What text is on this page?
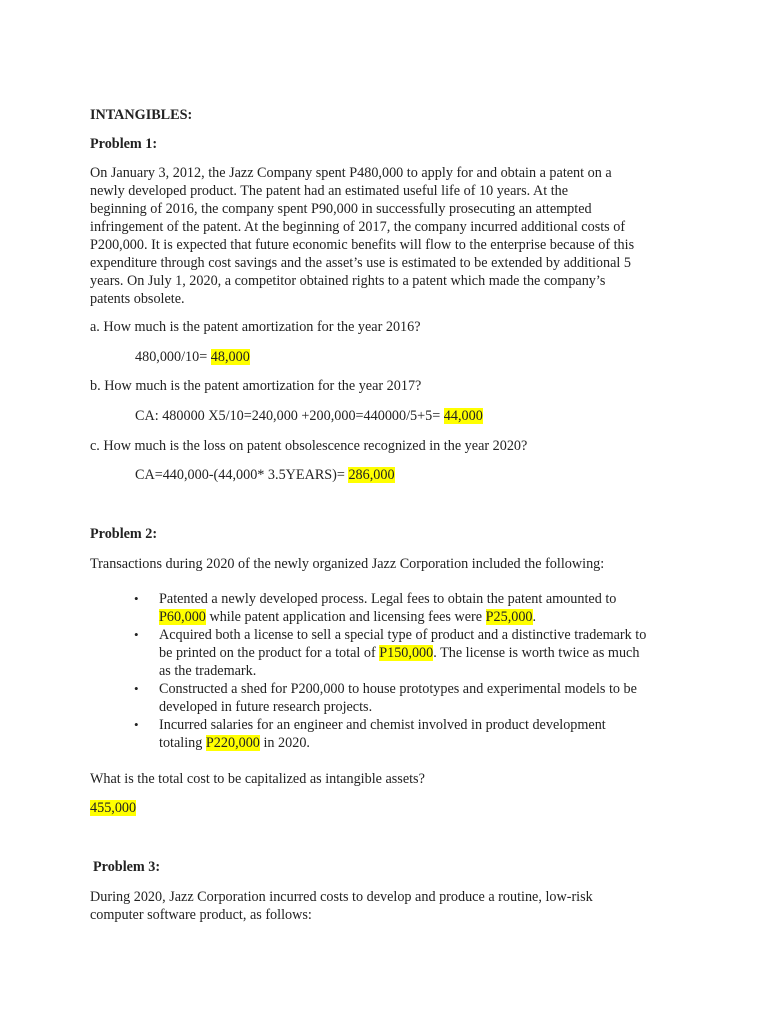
INTANGIBLES:
Problem 1:
On January 3, 2012, the Jazz Company spent P480,000 to apply for and obtain a patent on a
newly developed product. The patent had an estimated useful life of 10 years. At the
beginning of 2016, the company spent P90,000 in successfully prosecuting an attempted
infringement of the patent. At the beginning of 2017, the company incurred additional costs of
P200,000. It is expected that future economic benefits will flow to the enterprise because of this
expenditure through cost savings and the asset’s use is estimated to be extended by additional 5
years. On July 1, 2020, a competitor obtained rights to a patent which made the company’s
patents obsolete.
a. How much is the patent amortization for the year 2016?
480,000/10= 48,000
b. How much is the patent amortization for the year 2017?
CA: 480000 X5/10=240,000 +200,000=440000/5+5= 44,000
c. How much is the loss on patent obsolescence recognized in the year 2020?
CA=440,000-(44,000* 3.5YEARS)= 286,000
Problem 2:
Transactions during 2020 of the newly organized Jazz Corporation included the following:
• Patented a newly developed process. Legal fees to obtain the patent amounted to
P60,000 while patent application and licensing fees were P25,000.
• Acquired both a license to sell a special type of product and a distinctive trademark to
be printed on the product for a total of P150,000. The license is worth twice as much
as the trademark.
• Constructed a shed for P200,000 to house prototypes and experimental models to be
developed in future research projects.
• Incurred salaries for an engineer and chemist involved in product development
totaling P220,000 in 2020.
What is the total cost to be capitalized as intangible assets?
455,000
Problem 3:
During 2020, Jazz Corporation incurred costs to develop and produce a routine, low-risk
computer software product, as follows:
